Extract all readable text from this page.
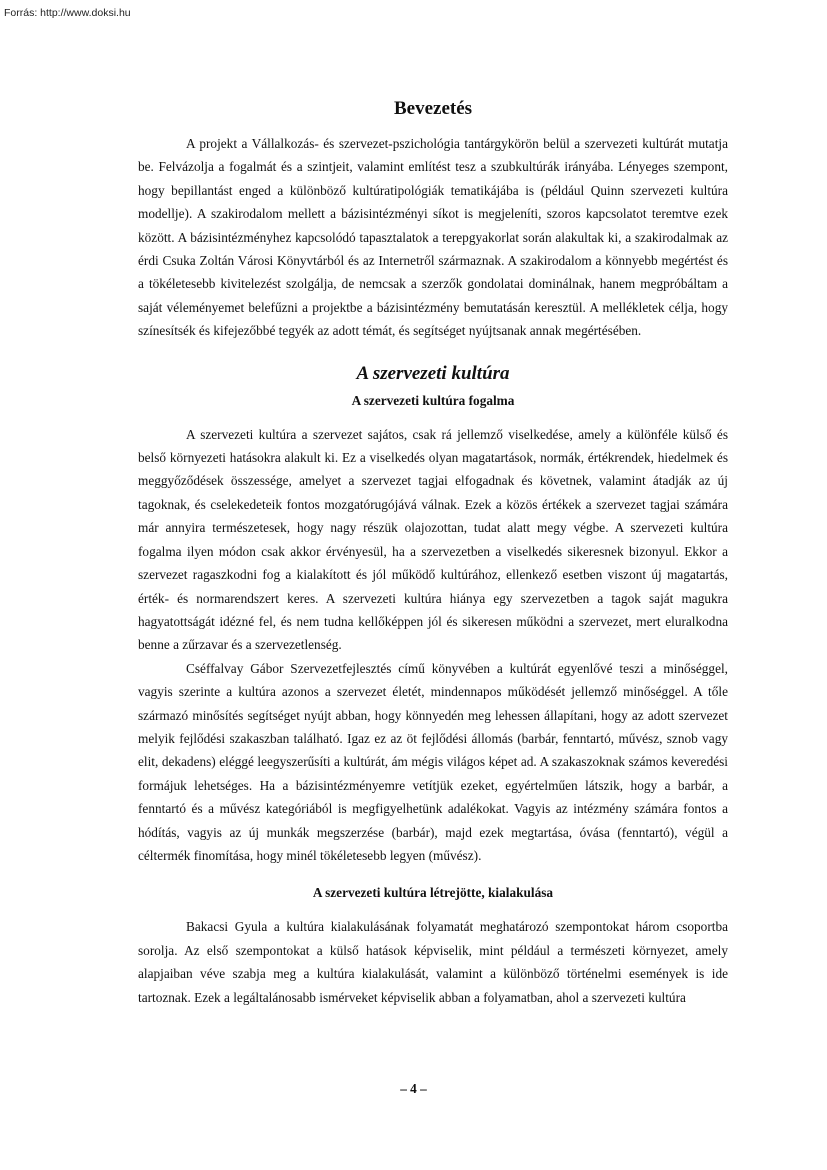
Forrás: http://www.doksi.hu
Bevezetés

A projekt a Vállalkozás- és szervezet-pszichológia tantárgykörön belül a szervezeti kultúrát mutatja be. Felvázolja a fogalmát és a szintjeit, valamint említést tesz a szubkultúrák irányába. Lényeges szempont, hogy bepillantást enged a különböző kultúratipológiák tematikájába is (például Quinn szervezeti kultúra modellje). A szakirodalom mellett a bázisintézményi síkot is megjeleníti, szoros kapcsolatot teremtve ezek között. A bázisintézményhez kapcsolódó tapasztalatok a terepgyakorlat során alakultak ki, a szakirodalmak az érdi Csuka Zoltán Városi Könyvtárból és az Internetről származnak. A szakirodalom a könnyebb megértést és a tökéletesebb kivitelezést szolgálja, de nemcsak a szerzők gondolatai dominálnak, hanem megpróbáltam a saját véleményemet belefűzni a projektbe a bázisintézmény bemutatásán keresztül. A mellékletek célja, hogy színesítsék és kifejezőbbé tegyék az adott témát, és segítséget nyújtsanak annak megértésében.

A szervezeti kultúra
A szervezeti kultúra fogalma

A szervezeti kultúra a szervezet sajátos, csak rá jellemző viselkedése, amely a különféle külső és belső környezeti hatásokra alakult ki. Ez a viselkedés olyan magatartások, normák, értékrendek, hiedelmek és meggyőződések összessége, amelyet a szervezet tagjai elfogadnak és követnek, valamint átadják az új tagoknak, és cselekedeteik fontos mozgatórugójává válnak. Ezek a közös értékek a szervezet tagjai számára már annyira természetesek, hogy nagy részük olajozottan, tudat alatt megy végbe. A szervezeti kultúra fogalma ilyen módon csak akkor érvényesül, ha a szervezetben a viselkedés sikeresnek bizonyul. Ekkor a szervezet ragaszkodni fog a kialakított és jól működő kultúrához, ellenkező esetben viszont új magatartás, érték- és normarendszert keres. A szervezeti kultúra hiánya egy szervezetben a tagok saját magukra hagyatottságát idézné fel, és nem tudna kellőképpen jól és sikeresen működni a szervezet, mert eluralkodna benne a zűrzavar és a szervezetlenség.

Cséffalvay Gábor Szervezetfejlesztés című könyvében a kultúrát egyenlővé teszi a minőséggel, vagyis szerinte a kultúra azonos a szervezet életét, mindennapos működését jellemző minőséggel. A tőle származó minősítés segítséget nyújt abban, hogy könnyedén meg lehessen állapítani, hogy az adott szervezet melyik fejlődési szakaszban található. Igaz ez az öt fejlődési állomás (barbár, fenntartó, művész, sznob vagy elit, dekadens) eléggé leegyszerűsíti a kultúrát, ám mégis világos képet ad. A szakaszoknak számos keveredési formájuk lehetséges. Ha a bázisintézményemre vetítjük ezeket, egyértelműen látszik, hogy a barbár, a fenntartó és a művész kategóriából is megfigyelhetünk adalékokat. Vagyis az intézmény számára fontos a hódítás, vagyis az új munkák megszerzése (barbár), majd ezek megtartása, óvása (fenntartó), végül a céltermék finomítása, hogy minél tökéletesebb legyen (művész).

A szervezeti kultúra létrejötte, kialakulása

Bakacsi Gyula a kultúra kialakulásának folyamatát meghatározó szempontokat három csoportba sorolja. Az első szempontokat a külső hatások képviselik, mint például a természeti környezet, amely alapjaiban véve szabja meg a kultúra kialakulását, valamint a különböző történelmi események is ide tartoznak. Ezek a legáltalánosabb ismérveket képviselik abban a folyamatban, ahol a szervezeti kultúra

– 4 –
